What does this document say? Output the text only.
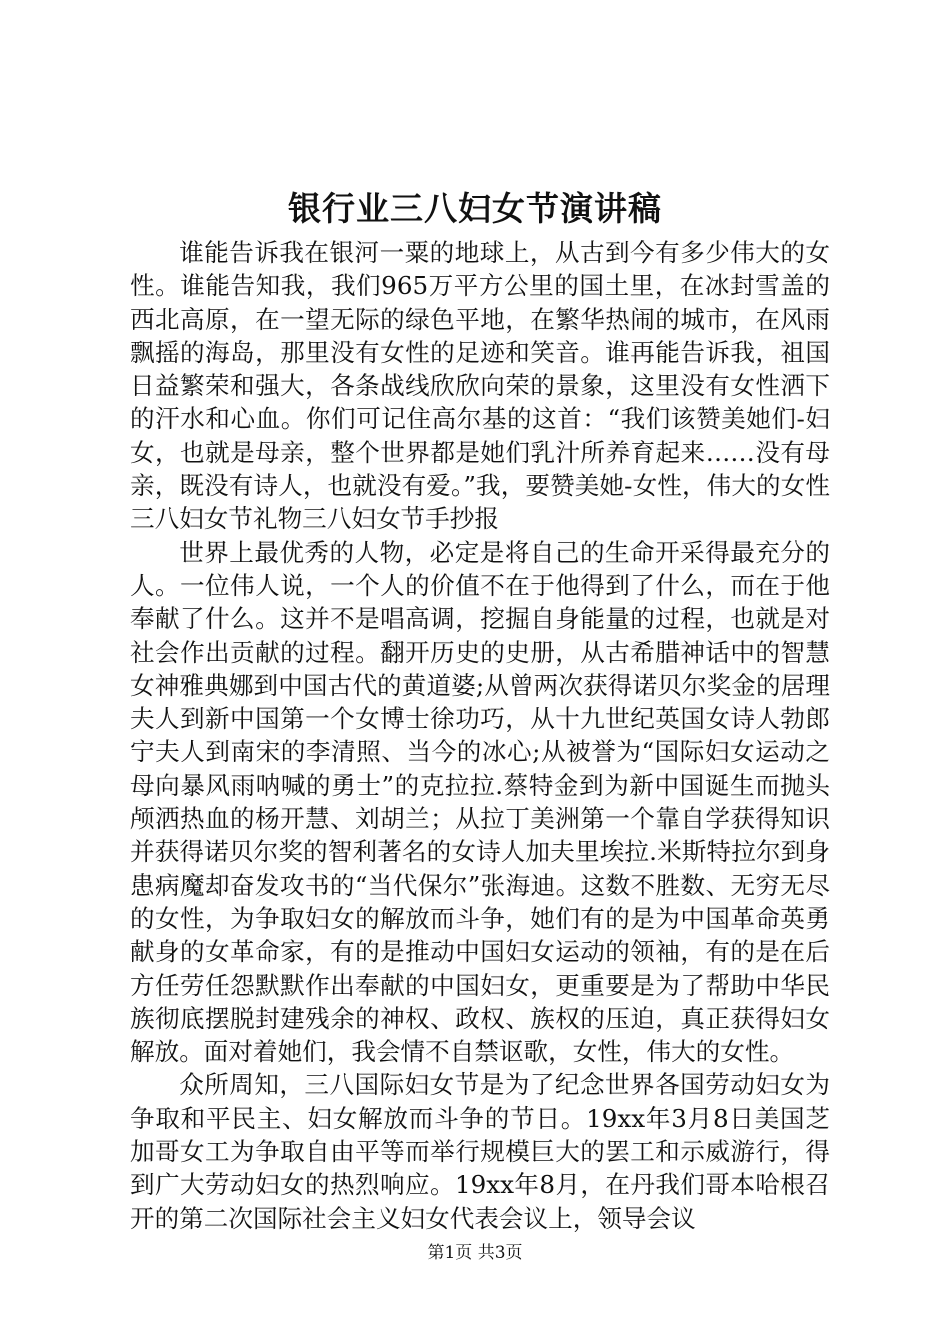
银行业三八妇女节演讲稿

谁能告诉我在银河一粟的地球上，从古到今有多少伟大的女性。谁能告知我，我们965万平方公里的国土里，在冰封雪盖的西北高原，在一望无际的绿色平地，在繁华热闹的城市，在风雨飘摇的海岛，那里没有女性的足迹和笑音。谁再能告诉我，祖国日益繁荣和强大，各条战线欣欣向荣的景象，这里没有女性洒下的汗水和心血。你们可记住高尔基的这首：“我们该赞美她们-妇女，也就是母亲，整个世界都是她们乳汁所养育起来……没有母亲，既没有诗人，也就没有爱。”我，要赞美她-女性，伟大的女性三八妇女节礼物三八妇女节手抄报

世界上最优秀的人物，必定是将自己的生命开采得最充分的人。一位伟人说，一个人的价值不在于他得到了什么，而在于他奉献了什么。这并不是唱高调，挖掘自身能量的过程，也就是对社会作出贡献的过程。翻开历史的史册，从古希腊神话中的智慧女神雅典娜到中国古代的黄道婆;从曾两次获得诺贝尔奖金的居理夫人到新中国第一个女博士徐功巧，从十九世纪英国女诗人勃郎宁夫人到南宋的李清照、当今的冰心;从被誉为“国际妇女运动之母向暴风雨呐喊的勇士”的克拉拉.蔡特金到为新中国诞生而抛头颅洒热血的杨开慧、刘胡兰；从拉丁美洲第一个靠自学获得知识并获得诺贝尔奖的智利著名的女诗人加夫里埃拉.米斯特拉尔到身患病魔却奋发攻书的“当代保尔”张海迪。这数不胜数、无穷无尽的女性，为争取妇女的解放而斗争，她们有的是为中国革命英勇献身的女革命家，有的是推动中国妇女运动的领袖，有的是在后方任劳任怨默默作出奉献的中国妇女，更重要是为了帮助中华民族彻底摆脱封建残余的神权、政权、族权的压迫，真正获得妇女解放。面对着她们，我会情不自禁讴歌，女性，伟大的女性。

众所周知，三八国际妇女节是为了纪念世界各国劳动妇女为争取和平民主、妇女解放而斗争的节日。19xx年3月8日美国芝加哥女工为争取自由平等而举行规模巨大的罢工和示威游行，得到广大劳动妇女的热烈响应。19xx年8月，在丹我们哥本哈根召开的第二次国际社会主义妇女代表会议上，领导会议

第1页 共3页
